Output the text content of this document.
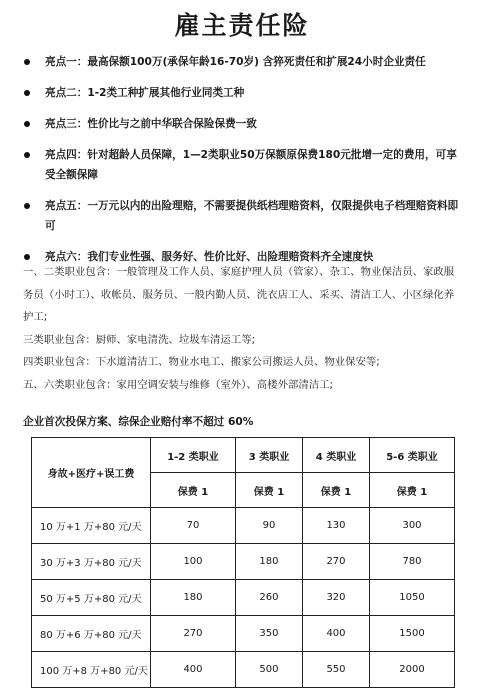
雇主责任险
亮点一：最高保额100万(承保年龄16-70岁) 含猝死责任和扩展24小时企业责任
亮点二：1-2类工种扩展其他行业同类工种
亮点三：性价比与之前中华联合保险保费一致
亮点四：针对超龄人员保障，1—2类职业50万保额原保费180元批增一定的费用，可享受全额保障
亮点五：一万元以内的出险理赔，不需要提供纸档理赔资料，仅限提供电子档理赔资料即可
亮点六：我们专业性强、服务好、性价比好、出险理赔资料齐全速度快

一、二类职业包含：一般管理及工作人员、家庭护理人员（管家）、杂工、物业保洁员、家政服务员（小时工）、收帐员、服务员、一般内勤人员、洗衣店工人、采买、清洁工人、小区绿化养护工;

三类职业包含：厨师、家电清洗、垃圾车清运工等;

四类职业包含：下水道清洁工、物业水电工、搬家公司搬运人员、物业保安等;

五、六类职业包含：家用空调安装与维修（室外）、高楼外部清洁工;

企业首次投保方案、综保企业赔付率不超过 60%
身故+医疗+误工费	1-2 类职业	3 类职业	4 类职业	5-6 类职业
	保费 1	保费 1	保费 1	保费 1
10 万+1 万+80 元/天	70	90	130	300
30 万+3 万+80 元/天	100	180	270	780
50 万+5 万+80 元/天	180	260	320	1050
80 万+6 万+80 元/天	270	350	400	1500
100 万+8 万+80 元/天	400	500	550	2000
